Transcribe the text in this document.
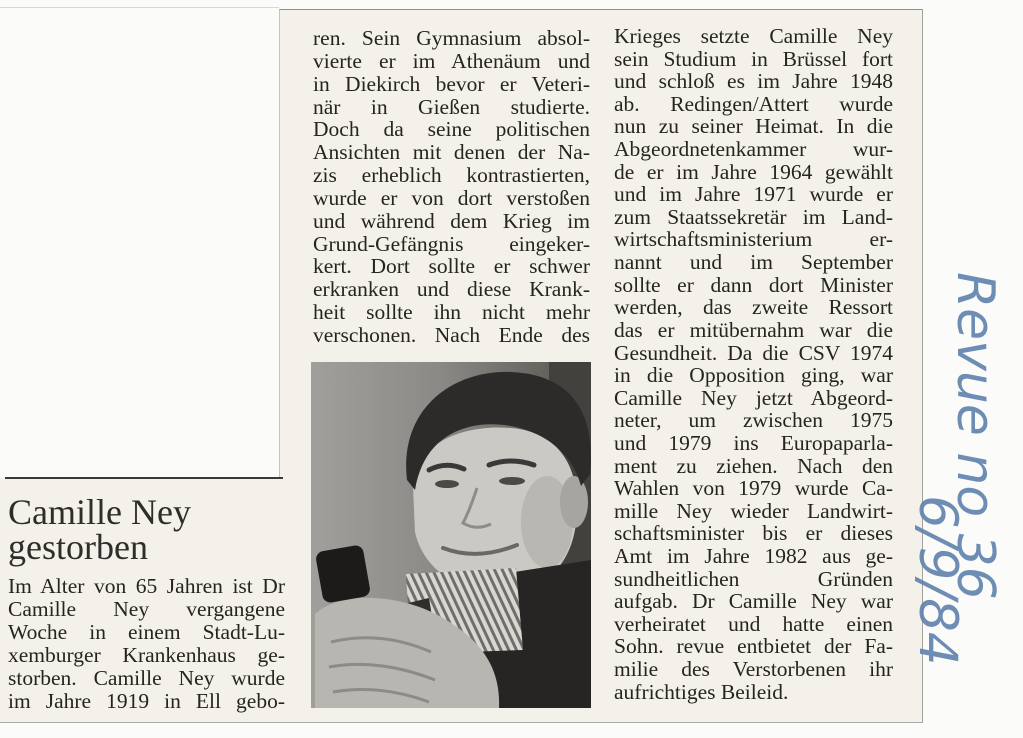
Camille Ney
gestorben
Im Alter von 65 Jahren ist Dr
Camille Ney vergangene
Woche in einem Stadt-Lu-
xemburger Krankenhaus ge-
storben. Camille Ney wurde
im Jahre 1919 in Ell gebo-
ren. Sein Gymnasium absol-
vierte er im Athenäum und
in Diekirch bevor er Veteri-
när in Gießen studierte.
Doch da seine politischen
Ansichten mit denen der Na-
zis erheblich kontrastierten,
wurde er von dort verstoßen
und während dem Krieg im
Grund-Gefängnis eingeker-
kert. Dort sollte er schwer
erkranken und diese Krank-
heit sollte ihn nicht mehr
verschonen. Nach Ende des
Krieges setzte Camille Ney
sein Studium in Brüssel fort
und schloß es im Jahre 1948
ab. Redingen/Attert wurde
nun zu seiner Heimat. In die
Abgeordnetenkammer wur-
de er im Jahre 1964 gewählt
und im Jahre 1971 wurde er
zum Staatssekretär im Land-
wirtschaftsministerium er-
nannt und im September
sollte er dann dort Minister
werden, das zweite Ressort
das er mitübernahm war die
Gesundheit. Da die CSV 1974
in die Opposition ging, war
Camille Ney jetzt Abgeord-
neter, um zwischen 1975
und 1979 ins Europaparla-
ment zu ziehen. Nach den
Wahlen von 1979 wurde Ca-
mille Ney wieder Landwirt-
schaftsminister bis er dieses
Amt im Jahre 1982 aus ge-
sundheitlichen Gründen
aufgab. Dr Camille Ney war
verheiratet und hatte einen
Sohn. revue entbietet der Fa-
milie des Verstorbenen ihr
aufrichtiges Beileid.
Revue no 36
6/9/84
